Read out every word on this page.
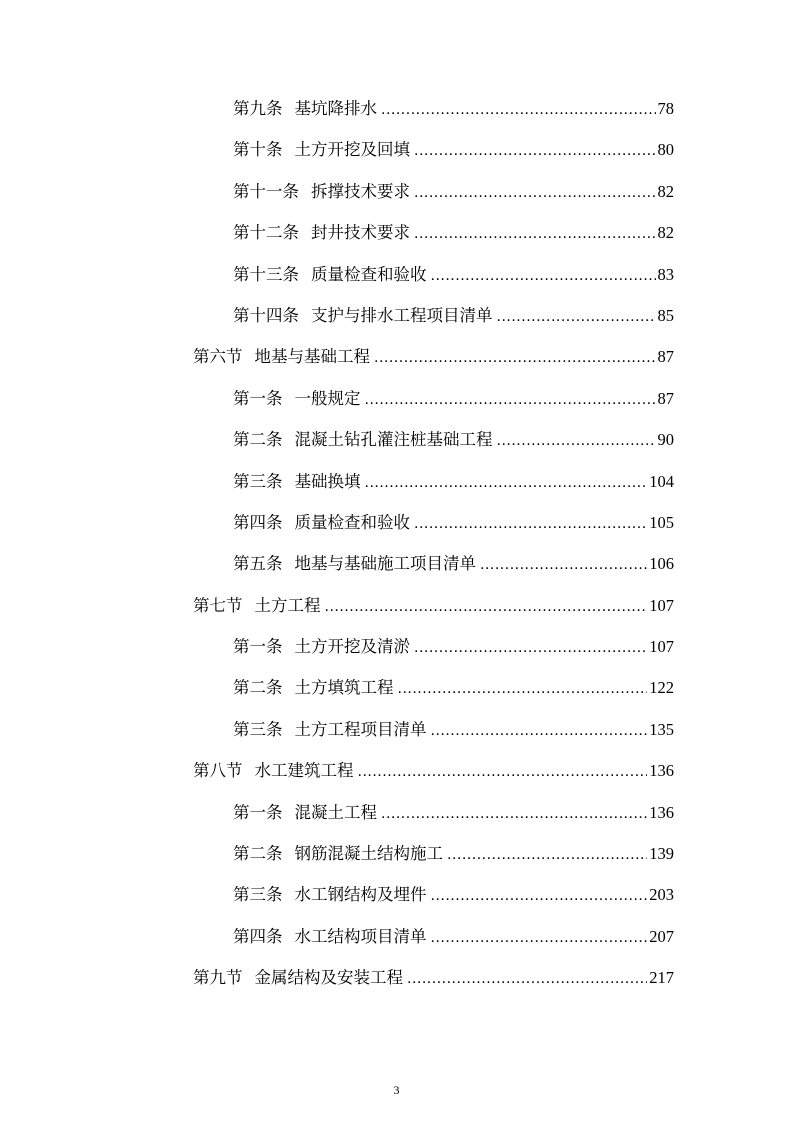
第九条 基坑降排水 .....	78
第十条 土方开挖及回填 .....	80
第十一条 拆撑技术要求 .....	82
第十二条 封井技术要求 .....	82
第十三条 质量检查和验收 .....	83
第十四条 支护与排水工程项目清单 .....	85
第六节 地基与基础工程 .....	87
第一条 一般规定 .....	87
第二条 混凝土钻孔灌注桩基础工程 .....	90
第三条 基础换填 .....	104
第四条 质量检查和验收 .....	105
第五条 地基与基础施工项目清单 .....	106
第七节 土方工程 .....	107
第一条 土方开挖及清淤 .....	107
第二条 土方填筑工程 .....	122
第三条 土方工程项目清单 .....	135
第八节 水工建筑工程 .....	136
第一条 混凝土工程 .....	136
第二条 钢筋混凝土结构施工 .....	139
第三条 水工钢结构及埋件 .....	203
第四条 水工结构项目清单 .....	207
第九节 金属结构及安装工程 .....	217
3
